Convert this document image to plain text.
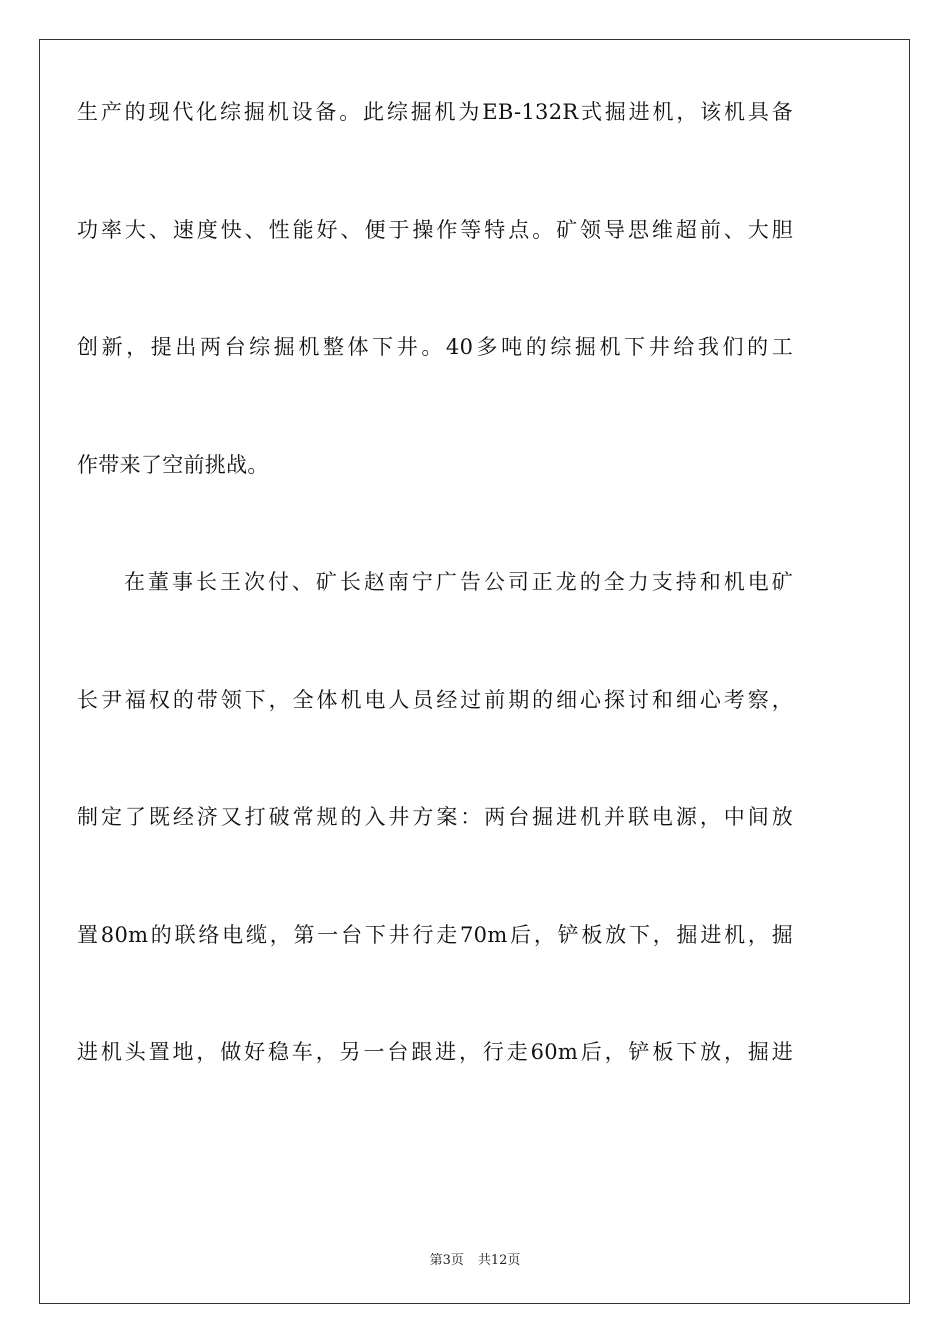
生产的现代化综掘机设备。此综掘机为EB-132R式掘进机，该机具备
功率大、速度快、性能好、便于操作等特点。矿领导思维超前、大胆
创新，提出两台综掘机整体下井。40多吨的综掘机下井给我们的工
作带来了空前挑战。
在董事长王次付、矿长赵南宁广告公司正龙的全力支持和机电矿
长尹福权的带领下，全体机电人员经过前期的细心探讨和细心考察，
制定了既经济又打破常规的入井方案：两台掘进机并联电源，中间放
置80m的联络电缆，第一台下井行走70m后，铲板放下，掘进机，掘
进机头置地，做好稳车，另一台跟进，行走60m后，铲板下放，掘进
第3页 共12页
